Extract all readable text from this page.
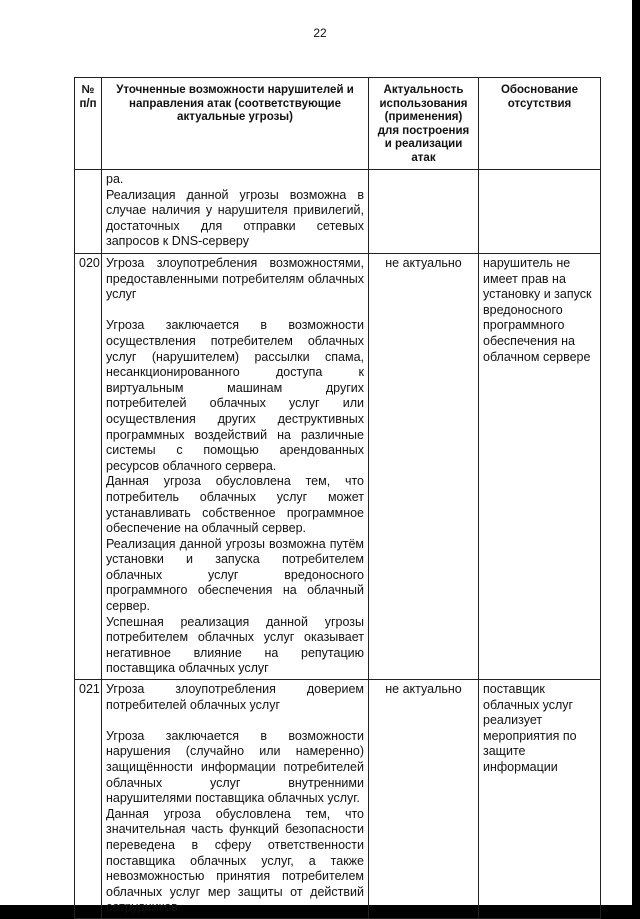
22
№ п/п	Уточненные возможности нарушителей и направления атак (соответствующие актуальные угрозы)	Актуальность использования (применения) для построения и реализации атак	Обоснование отсутствия

	ра.

Реализация данной угрозы возможна в случае наличия у нарушителя привилегий, достаточных для отправки сетевых запросов к DNS-серверу		

020	Угроза злоупотребления возможностями, предоставленными потребителям облачных услуг

Угроза заключается в возможности осуществления потребителем облачных услуг (нарушителем) рассылки спама, несанкционированного доступа к виртуальным машинам других потребителей облачных услуг или осуществления других деструктивных программных воздействий на различные системы с помощью арендованных ресурсов облачного сервера.

Данная угроза обусловлена тем, что потребитель облачных услуг может устанавливать собственное программное обеспечение на облачный сервер.

Реализация данной угрозы возможна путём установки и запуска потребителем облачных услуг вредоносного программного обеспечения на облачный сервер.

Успешная реализация данной угрозы потребителем облачных услуг оказывает негативное влияние на репутацию поставщика облачных услуг	не актуально	нарушитель не имеет прав на установку и запуск вредоносного программного обеспечения на облачном сервере
021	Угроза злоупотребления доверием потребителей облачных услуг

Угроза заключается в возможности нарушения (случайно или намеренно) защищённости информации потребителей облачных услуг внутренними нарушителями поставщика облачных услуг.

Данная угроза обусловлена тем, что значительная часть функций безопасности переведена в сферу ответственности поставщика облачных услуг, а также невозможностью принятия потребителем облачных услуг мер защиты от действий сотрудников	не актуально	поставщик облачных услуг реализует мероприятия по защите информации
